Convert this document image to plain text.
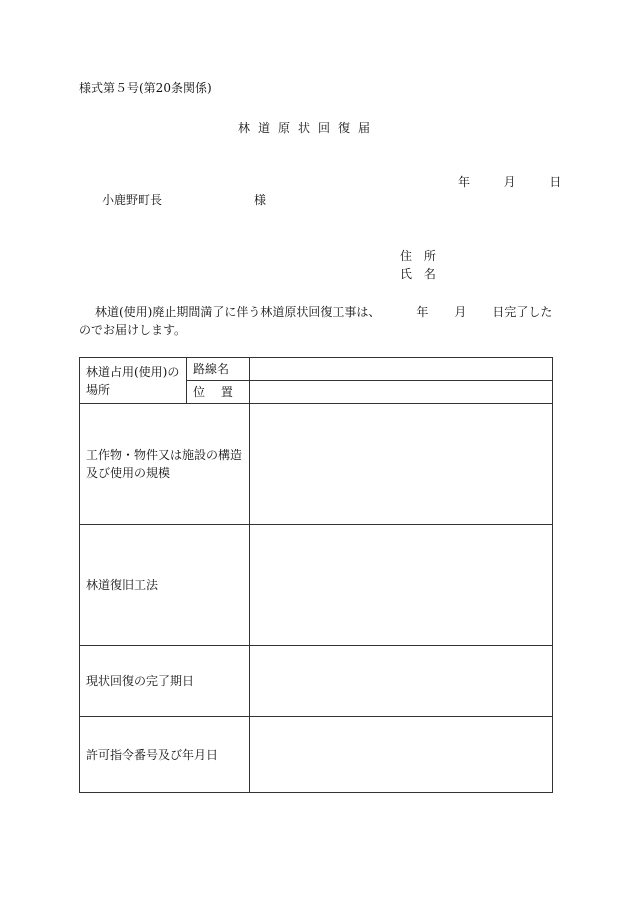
様式第５号(第20条関係)
林道原状回復届
年	月	日
小鹿野町長	様
住 所
氏 名
林道(使用)廃止期間満了に伴う林道原状回復工事は、	年 月 日完了した
のでお届けします。
林道占用(使用)の場所	路線名	
	位 置	
工作物・物件又は施設の構造及び使用の規模		
林道復旧工法		
現状回復の完了期日		
許可指令番号及び年月日		
